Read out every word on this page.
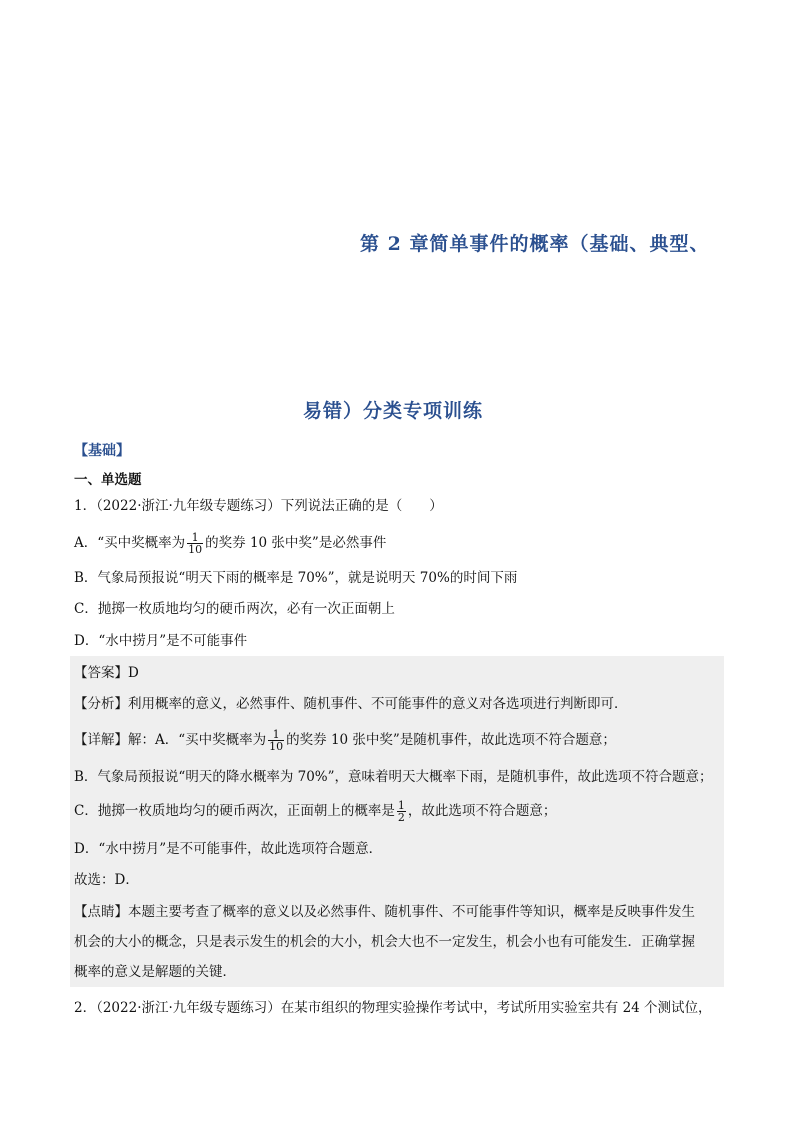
第 2 章简单事件的概率（基础、典型、
易错）分类专项训练
【基础】
一、单选题
1．（2022·浙江·九年级专题练习）下列说法正确的是（　　）
A．“买中奖概率为 $\frac{1}{10}$ 的奖券 10 张中奖”是必然事件
B．气象局预报说“明天下雨的概率是 70%”，就是说明天 70%的时间下雨
C．抛掷一枚质地均匀的硬币两次，必有一次正面朝上
D．“水中捞月”是不可能事件
【答案】D
【分析】利用概率的意义，必然事件、随机事件、不可能事件的意义对各选项进行判断即可．
【详解】解：A．“买中奖概率为 $\frac{1}{10}$ 的奖券 10 张中奖”是随机事件，故此选项不符合题意；
B．气象局预报说“明天的降水概率为 70%”，意味着明天大概率下雨，是随机事件，故此选项不符合题意；
C．抛掷一枚质地均匀的硬币两次，正面朝上的概率是 $\frac{1}{2}$ ，故此选项不符合题意；
D．“水中捞月”是不可能事件，故此选项符合题意．
故选：D．
【点睛】本题主要考查了概率的意义以及必然事件、随机事件、不可能事件等知识，概率是反映事件发生
机会的大小的概念，只是表示发生的机会的大小，机会大也不一定发生，机会小也有可能发生．正确掌握
概率的意义是解题的关键．
2．（2022·浙江·九年级专题练习）在某市组织的物理实验操作考试中，考试所用实验室共有 24 个测试位，
